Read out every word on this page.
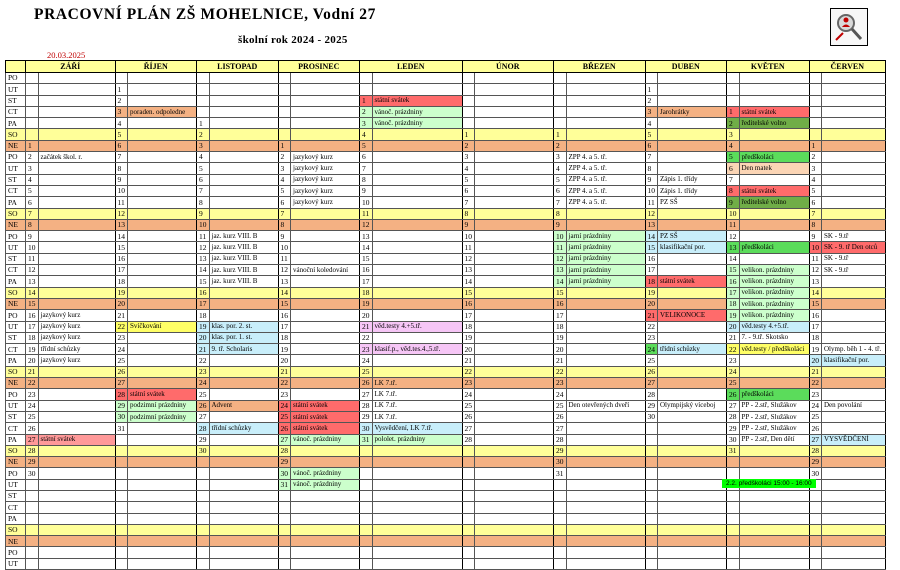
PRACOVNÍ PLÁN ZŠ MOHELNICE, Vodní 27
školní rok 2024 - 2025
20.03.2025
	ZÁŘÍ		ŘÍJEN		LISTOPAD		PROSINEC		LEDEN		ÚNOR		BŘEZEN		DUBEN		KVĚTEN		ČERVEN	
PO																				
UT			1												1					
ST			2						1	státní svátek					2					
CT			3	poraden. odpoledne					2	vánoč. prázdniny					3	Jarohrátky	1	státní svátek		
PA			4		1				3	vánoč. prázdniny					4		2	ředitelské volno		
SO			5		2				4		1		1		5		3			
NE	1		6		3		1		5		2		2		6		4		1	
PO	2	začátek škol. r.	7		4		2	jazykový kurz	6		3		3	ZPP 4. a 5. tř.	7		5	předškoláci	2	
UT	3		8		5		3	jazykový kurz	7		4		4	ZPP 4. a 5. tř.	8		6	Den matek	3	
ST	4		9		6		4	jazykový kurz	8		5		5	ZPP 4. a 5. tř.	9	Zápis 1. třídy	7		4	
CT	5		10		7		5	jazykový kurz	9		6		6	ZPP 4. a 5. tř.	10	Zápis 1. třídy	8	státní svátek	5	
PA	6		11		8		6	jazykový kurz	10		7		7	ZPP 4. a 5. tř.	11	PZ SŠ	9	ředitelské volno	6	
SO	7		12		9		7		11		8		8		12		10		7	
NE	8		13		10		8		12		9		9		13		11		8	
PO	9		14		11	jaz. kurz VIII. B	9		13		10		10	jarní prázdniny	14	PZ SŠ	12		9	SK - 9.tř
UT	10		15		12	jaz. kurz VIII. B	10		14		11		11	jarní prázdniny	15	klasifikační por.	13	předškoláci	10	SK - 9. tř Den otců
ST	11		16		13	jaz. kurz VIII. B	11		15		12		12	jarní prázdniny	16		14		11	SK - 9.tř
CT	12		17		14	jaz. kurz VIII. B	12	vánoční koledování	16		13		13	jarní prázdniny	17		15	velikon. prázdniny	12	SK - 9.tř
PA	13		18		15	jaz. kurz VIII. B	13		17		14		14	jarní prázdniny	18	státní svátek	16	velikon. prázdniny	13	
SO	14		19		16		14		18		15		15		19		17	velikon. prázdniny	14	
NE	15		20		17		15		19		16		16		20		18	velikon. prázdniny	15	
PO	16	jazykový kurz	21		18		16		20		17		17		21	VELIKONOCE	19	velikon. prázdniny	16	
UT	17	jazykový kurz	22	Svíčkování	19	klas. por. 2. st.	17		21	věd.testy 4.+5.tř.	18		18		22		20	věd.testy 4.+5.tř.	17	
ST	18	jazykový kurz	23		20	klas. por. 1. st.	18		22		19		19		23		21	7. - 9.tř. Skotsko	18	
CT	19	třídní schůzky	24		21	9. tř. Scholaris	19		23	klasif.p., věd.tes.4.,5.tř.	20		20		24	třídní schůzky	22	věd.testy / předškoláci	19	Olymp. běh 1 - 4. tř.
PA	20	jazykový kurz	25		22		20		24		21		21		25		23		20	klasifikační por.
SO	21		26		23		21		25		22		22		26		24		21	
NE	22		27		24		22		26	LK 7.tř.	23		23		27		25		22	
PO	23		28	státní svátek	25		23		27	LK 7.tř.	24		24		28		26	předškoláci	23	
UT	24		29	podzimní prázdniny	26	Advent	24	státní svátek	28	LK 7.tř.	25		25	Den otevřených dveří	29	Olympijský víceboj	27	PP - 2.stř, Služákov	24	Den povolání
ST	25		30	podzimní prázdniny	27		25	státní svátek	29	LK 7.tř.	26		26		30		28	PP - 2.stř, Služákov	25	
CT	26		31		28	třídní schůzky	26	státní svátek	30	Vysvědčení, LK 7.tř.	27		27				29	PP - 2.stř, Služákov	26	
PA	27	státní svátek			29		27	vánoč. prázdniny	31	pololet. prázdniny	28		28				30	PP - 2.stř, Den dětí	27	VYSVĚDČENÍ
SO	28				30		28						29				31		28	
NE	29						29						30						29	
PO	30						30	vánoč. prázdniny					31						30	
UT							31	vánoč. prázdniny												
ST																				
CT																				
PA																				
SO																				
NE																				
PO																				
UT																				
2.2. předškoláci 15:00 - 16:00
